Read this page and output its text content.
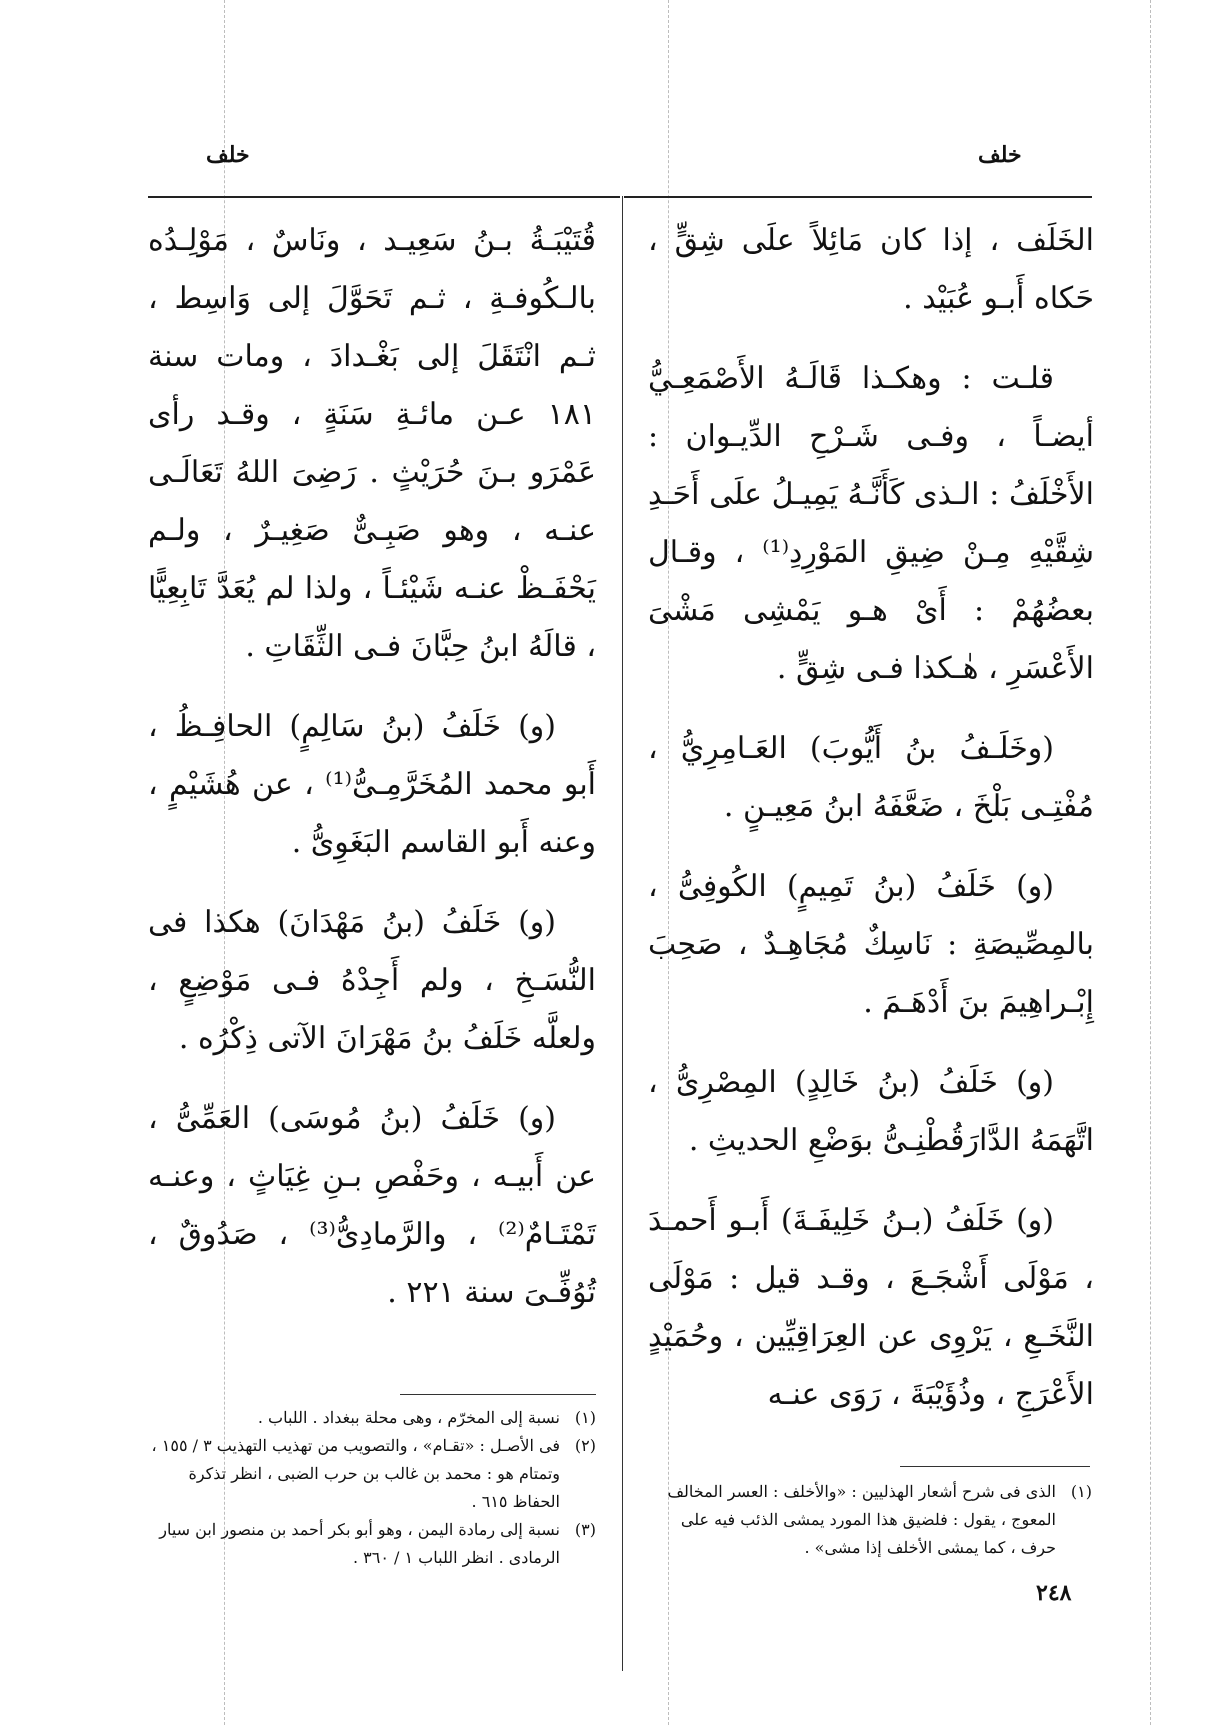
خلف
خلف

الخَلَف ، إذا كان مَائِلاً علَى شِقٍّ ، حَكاه أَبـو عُبَيْد .

قلـت : وهكـذا قَالَـهُ الأَصْمَعِـيُّ أيضـاً ، وفـى شَـرْحِ الدِّيـوان : الأَخْلَفُ : الـذى كَأَنَّـهُ يَمِيـلُ علَى أَحَـدِ شِقَّيْهِ مِـنْ ضِيقِ المَوْرِدِ⁽¹⁾ ، وقـال بعضُهُمْ : أَىْ هـو يَمْشِى مَشْىَ الأَعْسَرِ ، هٰـكذا فـى شِقٍّ .

(وخَلَـفُ بنُ أَيُّوبَ) العَـامِرِيُّ ، مُفْتِـى بَلْخَ ، ضَعَّفَهُ ابنُ مَعِيـنٍ .

(و) خَلَفُ (بنُ تَمِيمٍ) الكُوفِىُّ ، بالمِصِّيصَةِ : نَاسِكٌ مُجَاهِـدٌ ، صَحِبَ إِبْـراهِيمَ بنَ أَدْهَـمَ .

(و) خَلَفُ (بنُ خَالِدٍ) المِصْرِىُّ ، اتَّهَمَهُ الدَّارَقُطْنِـىُّ بوَضْعِ الحديثِ .

(و) خَلَفُ (بـنُ خَلِيفَـةَ) أَبـو أَحمـدَ ، مَوْلَى أَشْجَـعَ ، وقـد قيل : مَوْلَى النَّخَـعِ ، يَرْوِى عن العِرَاقِيِّين ، وحُمَيْدٍ الأَعْرَجِ ، وذُؤَيْبَةَ ، رَوَى عنـه

قُتَيْبَـةُ بـنُ سَعِيـد ، ونَاسٌ ، مَوْلِـدُه بالـكُوفـةِ ، ثـم تَحَوَّلَ إلى وَاسِط ، ثـم انْتَقَلَ إلى بَغْـدادَ ، ومات سنة ١٨١ عـن مائـةِ سَنَةٍ ، وقـد رأى عَمْرَو بـنَ حُرَيْثٍ . رَضِىَ اللهُ تَعَالَـى عنـه ، وهو صَبِـىٌّ صَغِيـرٌ ، ولـم يَحْفَـظْ عنـه شَيْئـاً ، ولذا لم يُعَدَّ تَابِعِيًّا ، قالَهُ ابنُ حِبَّانَ فـى الثِّقَاتِ .

(و) خَلَفُ (بنُ سَالِمٍ) الحافِـظُ ، أَبو محمد المُخَرَّمِـىُّ⁽¹⁾ ، عن هُشَيْمٍ ، وعنه أَبو القاسم البَغَوِىُّ .

(و) خَلَفُ (بنُ مَهْدَانَ) هكذا فى النُّسَـخِ ، ولم أَجِدْهُ فـى مَوْضِعٍ ، ولعلَّه خَلَفُ بنُ مَهْرَانَ الآتى ذِكْرُه .

(و) خَلَفُ (بنُ مُوسَى) العَمِّىُّ ، عن أَبيـه ، وحَفْصِ بـنِ غِيَاثٍ ، وعنـه تَمْتَـامٌ⁽²⁾ ، والرَّمادِىُّ⁽³⁾ ، صَدُوقٌ ، تُوُفِّـىَ سنة ٢٢١ .

(١)
الذى فى شرح أشعار الهذليين : «والأخلف : العسر المخالف المعوج ، يقول : فلضيق هذا المورد يمشى الذئب فيه على حرف ، كما يمشى الأخلف إذا مشى» .
(١)
نسبة إلى المخرّم ، وهى محلة ببغداد . اللباب .
(٢)
فى الأصـل : «تقـام» ، والتصويب من تهذيب التهذيب ٣ / ١٥٥ ، وتمتام هو : محمد بن غالب بن حرب الضبى ، انظر تذكرة الحفاظ ٦١٥ .
(٣)
نسبة إلى رمادة اليمن ، وهو أبو بكر أحمد بن منصور ابن سيار الرمادى . انظر اللباب ١ / ٣٦٠ .
٢٤٨
